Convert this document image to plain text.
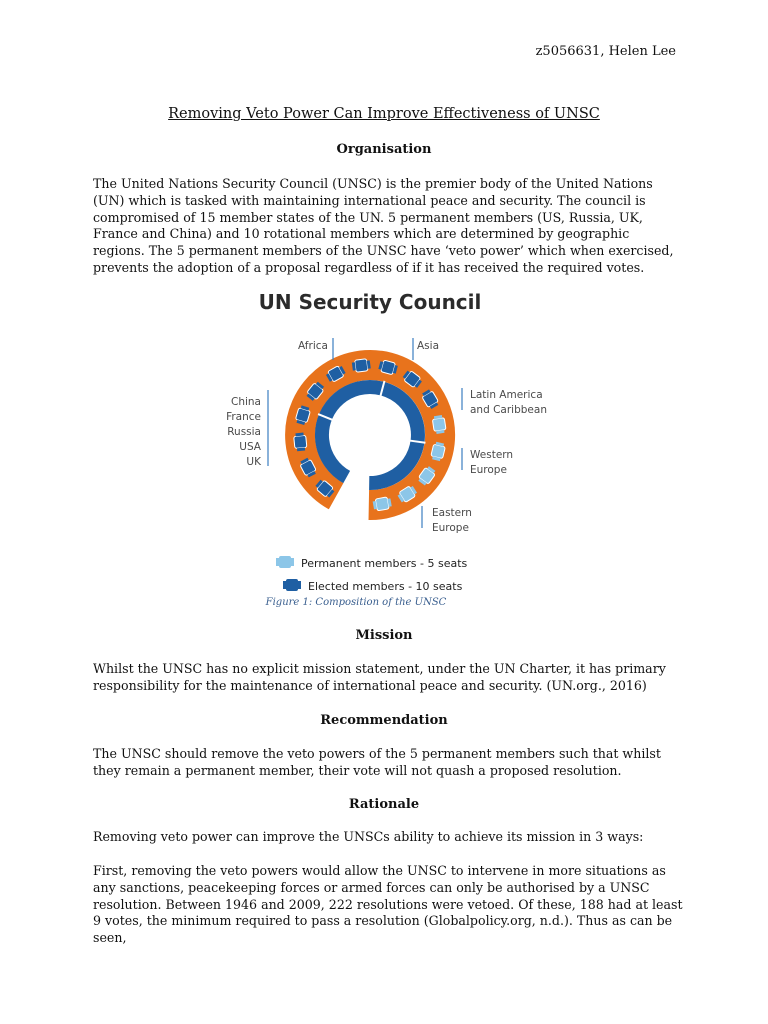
z5056631, Helen Lee
Removing Veto Power Can Improve Effectiveness of UNSC
Organisation
The United Nations Security Council (UNSC) is the premier body of the United Nations (UN) which is tasked with maintaining international peace and security. The council is compromised of 15 member states of the UN. 5 permanent members (US, Russia, UK, France and China) and 10 rotational members which are determined by geographic regions. The 5 permanent members of the UNSC have ‘veto power’ which when exercised, prevents the adoption of a proposal regardless of if it has received the required votes.
UN Security Council
Africa	Asia
Latin America
and Caribbean
Western
Europe
Eastern
Europe
China
France
Russia
USA
UK
Permanent members - 5 seats
Elected members - 10 seats
Figure 1: Composition of the UNSC
Mission
Whilst the UNSC has no explicit mission statement, under the UN Charter, it has primary responsibility for the maintenance of international peace and security. (UN.org., 2016)
Recommendation
The UNSC should remove the veto powers of the 5 permanent members such that whilst they remain a permanent member, their vote will not quash a proposed resolution.
Rationale
Removing veto power can improve the UNSCs ability to achieve its mission in 3 ways:
First, removing the veto powers would allow the UNSC to intervene in more situations as any sanctions, peacekeeping forces or armed forces can only be authorised by a UNSC resolution. Between 1946 and 2009, 222 resolutions were vetoed. Of these, 188 had at least 9 votes, the minimum required to pass a resolution (Globalpolicy.org, n.d.). Thus as can be seen,
